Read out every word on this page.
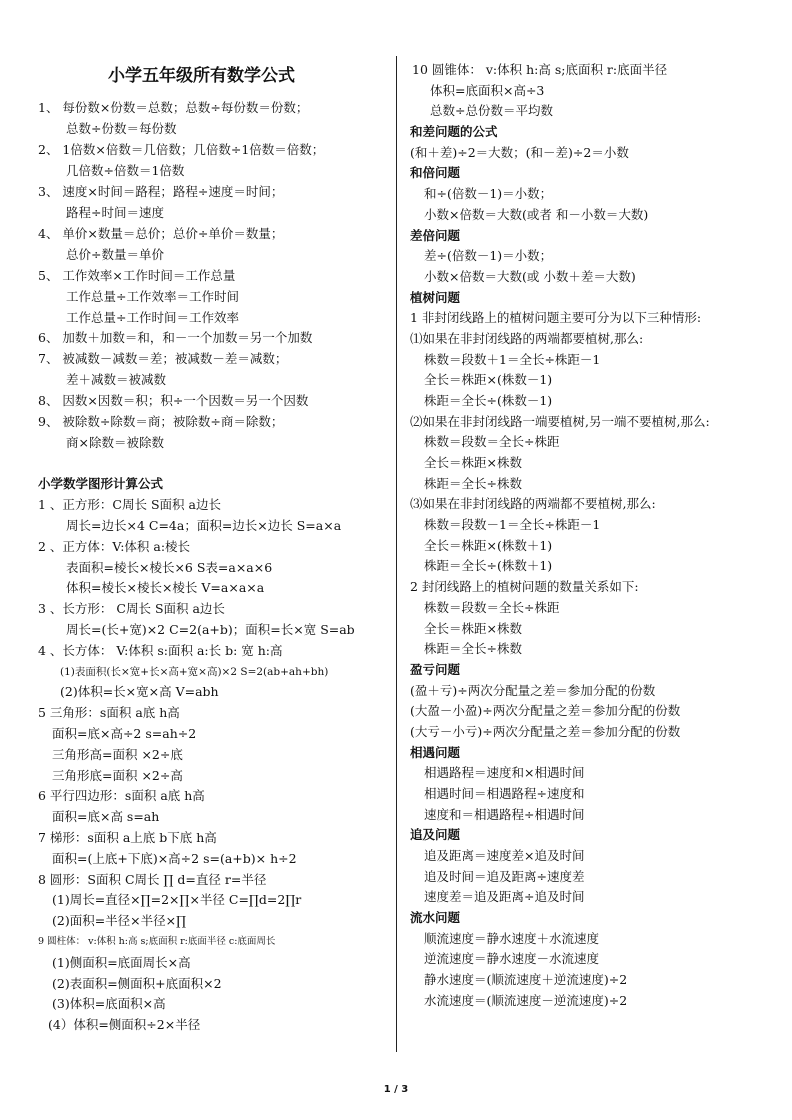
小学五年级所有数学公式
1、 每份数×份数＝总数；总数÷每份数＝份数；
总数÷份数＝每份数
2、 1倍数×倍数＝几倍数；几倍数÷1倍数＝倍数；
几倍数÷倍数＝1倍数
3、 速度×时间＝路程；路程÷速度＝时间；
路程÷时间＝速度
4、 单价×数量＝总价；总价÷单价＝数量；
总价÷数量＝单价
5、 工作效率×工作时间＝工作总量
工作总量÷工作效率＝工作时间
工作总量÷工作时间＝工作效率
6、 加数＋加数＝和，和－一个加数＝另一个加数
7、 被减数－减数＝差；被减数－差＝减数；
差＋减数＝被减数
8、 因数×因数＝积；积÷一个因数＝另一个因数
9、 被除数÷除数＝商；被除数÷商＝除数；
商×除数＝被除数
小学数学图形计算公式
1 、正方形：C周长 S面积 a边长
周长=边长×4 C=4a；面积=边长×边长 S=a×a
2 、正方体：V:体积 a:棱长
表面积=棱长×棱长×6 S表=a×a×6
体积=棱长×棱长×棱长 V=a×a×a
3 、长方形： C周长 S面积 a边长
周长=(长+宽)×2 C=2(a+b)；面积=长×宽 S=ab
4 、长方体： V:体积 s:面积 a:长 b: 宽 h:高
(1)表面积(长×宽+长×高+宽×高)×2 S=2(ab+ah+bh)
(2)体积=长×宽×高 V=abh
5 三角形：s面积 a底 h高
面积=底×高÷2 s=ah÷2
三角形高=面积 ×2÷底
三角形底=面积 ×2÷高
6 平行四边形：s面积 a底 h高
面积=底×高 s=ah
7 梯形：s面积 a上底 b下底 h高
面积=(上底+下底)×高÷2 s=(a+b)× h÷2
8 圆形：S面积 C周长 ∏ d=直径 r=半径
(1)周长=直径×∏=2×∏×半径 C=∏d=2∏r
(2)面积=半径×半径×∏
9 圆柱体： v:体积 h:高 s;底面积 r:底面半径 c:底面周长
(1)侧面积=底面周长×高
(2)表面积=侧面积+底面积×2
(3)体积=底面积×高
(4）体积=侧面积÷2×半径
10 圆锥体： v:体积 h:高 s;底面积 r:底面半径
体积=底面积×高÷3
总数÷总份数＝平均数
和差问题的公式
(和＋差)÷2＝大数；(和－差)÷2＝小数
和倍问题
和÷(倍数－1)＝小数；
小数×倍数＝大数(或者 和－小数＝大数)
差倍问题
差÷(倍数－1)＝小数；
小数×倍数＝大数(或 小数＋差＝大数)
植树问题
1 非封闭线路上的植树问题主要可分为以下三种情形:
⑴如果在非封闭线路的两端都要植树,那么:
株数＝段数＋1＝全长÷株距－1
全长＝株距×(株数－1)
株距＝全长÷(株数－1)
⑵如果在非封闭线路一端要植树,另一端不要植树,那么:
株数＝段数＝全长÷株距
全长＝株距×株数
株距＝全长÷株数
⑶如果在非封闭线路的两端都不要植树,那么:
株数＝段数－1＝全长÷株距－1
全长＝株距×(株数＋1)
株距＝全长÷(株数＋1)
2 封闭线路上的植树问题的数量关系如下:
株数＝段数＝全长÷株距
全长＝株距×株数
株距＝全长÷株数
盈亏问题
(盈＋亏)÷两次分配量之差＝参加分配的份数
(大盈－小盈)÷两次分配量之差＝参加分配的份数
(大亏－小亏)÷两次分配量之差＝参加分配的份数
相遇问题
相遇路程＝速度和×相遇时间
相遇时间＝相遇路程÷速度和
速度和＝相遇路程÷相遇时间
追及问题
追及距离＝速度差×追及时间
追及时间＝追及距离÷速度差
速度差＝追及距离÷追及时间
流水问题
顺流速度＝静水速度＋水流速度
逆流速度＝静水速度－水流速度
静水速度＝(顺流速度＋逆流速度)÷2
水流速度＝(顺流速度－逆流速度)÷2
1 / 3
